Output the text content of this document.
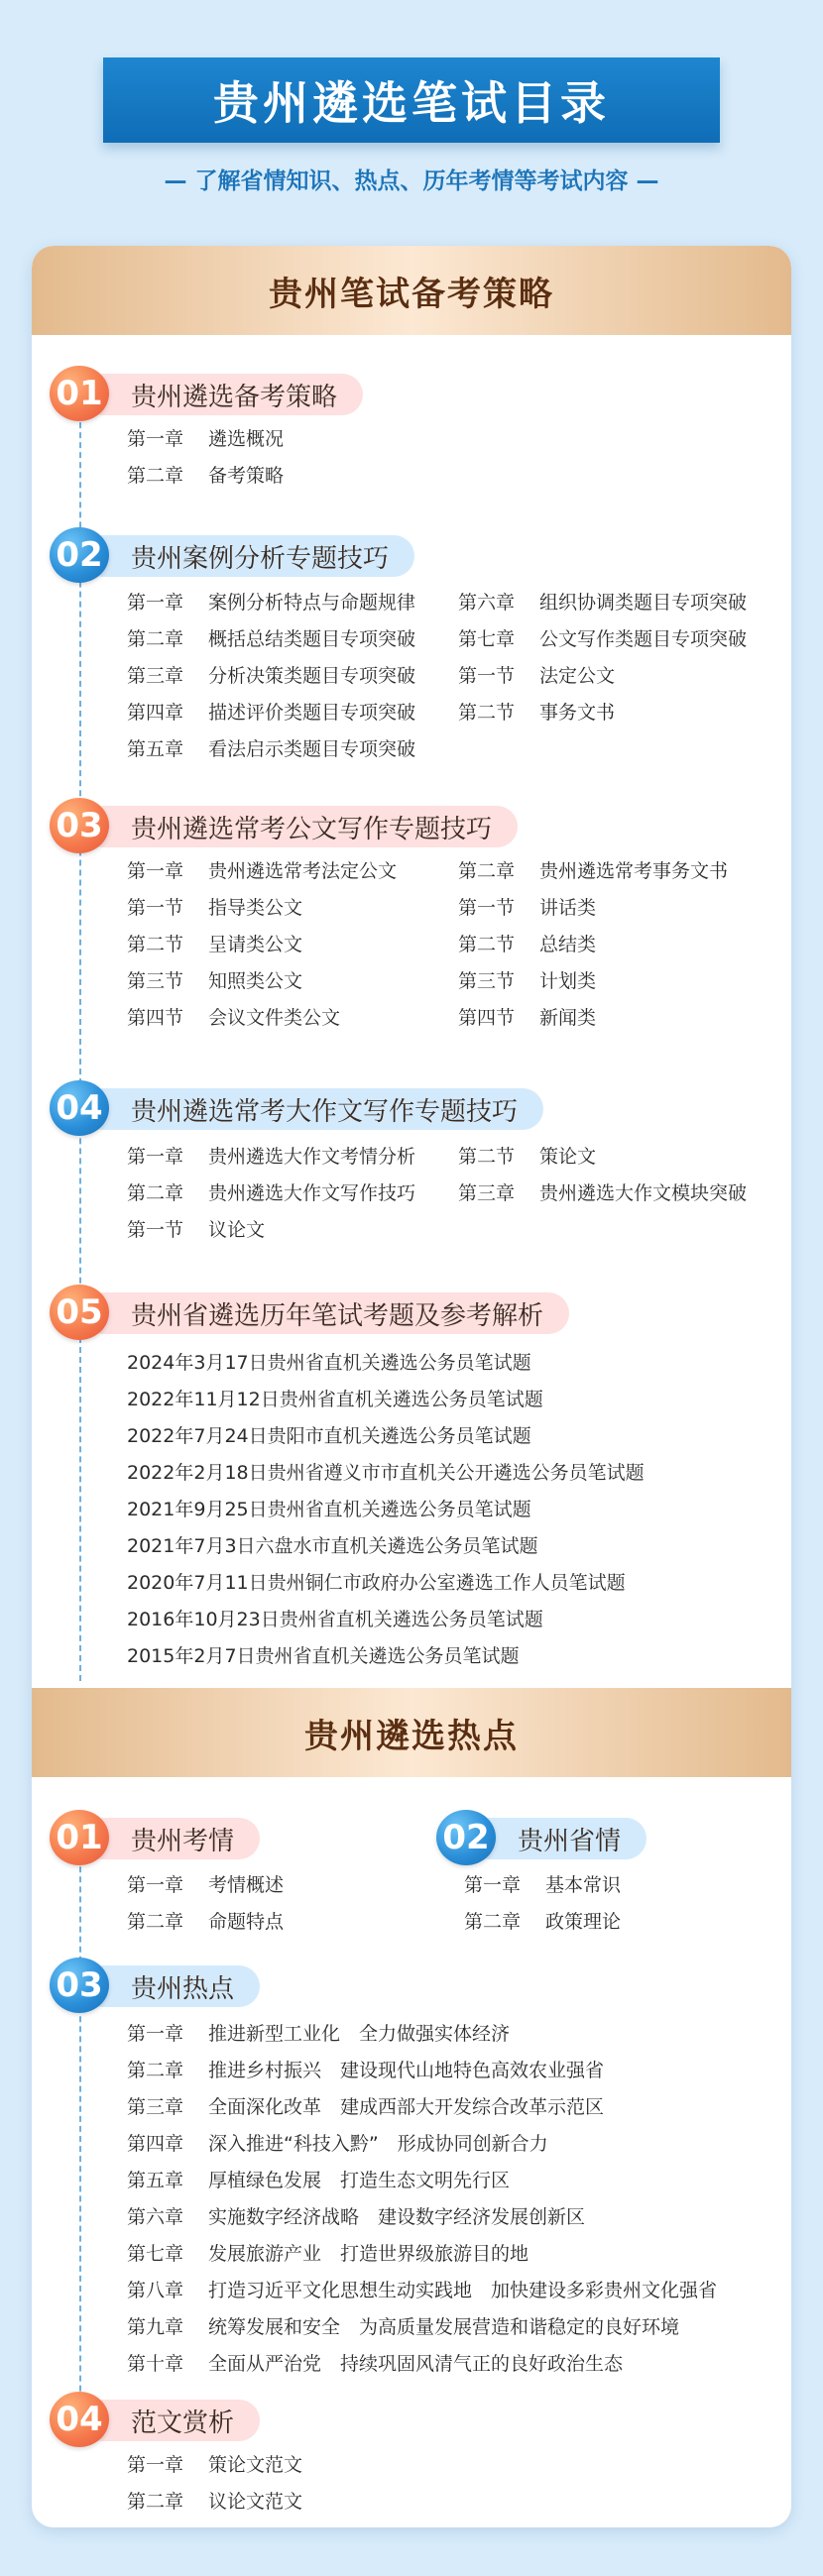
贵州遴选笔试目录
— 了解省情知识、热点、历年考情等考试内容 —
贵州笔试备考策略
01	贵州遴选备考策略
第一章 遴选概况
第二章 备考策略
02	贵州案例分析专题技巧
第一章 案例分析特点与命题规律
第二章 概括总结类题目专项突破
第三章 分析决策类题目专项突破
第四章 描述评价类题目专项突破
第五章 看法启示类题目专项突破
第六章 组织协调类题目专项突破
第七章 公文写作类题目专项突破
第一节 法定公文
第二节 事务文书
03	贵州遴选常考公文写作专题技巧
第一章 贵州遴选常考法定公文
第一节 指导类公文
第二节 呈请类公文
第三节 知照类公文
第四节 会议文件类公文
第二章 贵州遴选常考事务文书
第一节 讲话类
第二节 总结类
第三节 计划类
第四节 新闻类
04	贵州遴选常考大作文写作专题技巧
第一章 贵州遴选大作文考情分析
第二章 贵州遴选大作文写作技巧
第一节 议论文
第二节 策论文
第三章 贵州遴选大作文模块突破
05	贵州省遴选历年笔试考题及参考解析
2024年3月17日贵州省直机关遴选公务员笔试题
2022年11月12日贵州省直机关遴选公务员笔试题
2022年7月24日贵阳市直机关遴选公务员笔试题
2022年2月18日贵州省遵义市市直机关公开遴选公务员笔试题
2021年9月25日贵州省直机关遴选公务员笔试题
2021年7月3日六盘水市直机关遴选公务员笔试题
2020年7月11日贵州铜仁市政府办公室遴选工作人员笔试题
2016年10月23日贵州省直机关遴选公务员笔试题
2015年2月7日贵州省直机关遴选公务员笔试题
贵州遴选热点
01	贵州考情
第一章 考情概述
第二章 命题特点
02	贵州省情
第一章 基本常识
第二章 政策理论
03	贵州热点
第一章 推进新型工业化　全力做强实体经济
第二章 推进乡村振兴　建设现代山地特色高效农业强省
第三章 全面深化改革　建成西部大开发综合改革示范区
第四章 深入推进“科技入黔”　形成协同创新合力
第五章 厚植绿色发展　打造生态文明先行区
第六章 实施数字经济战略　建设数字经济发展创新区
第七章 发展旅游产业　打造世界级旅游目的地
第八章 打造习近平文化思想生动实践地　加快建设多彩贵州文化强省
第九章 统筹发展和安全　为高质量发展营造和谐稳定的良好环境
第十章 全面从严治党　持续巩固风清气正的良好政治生态
04	范文赏析
第一章 策论文范文
第二章 议论文范文
